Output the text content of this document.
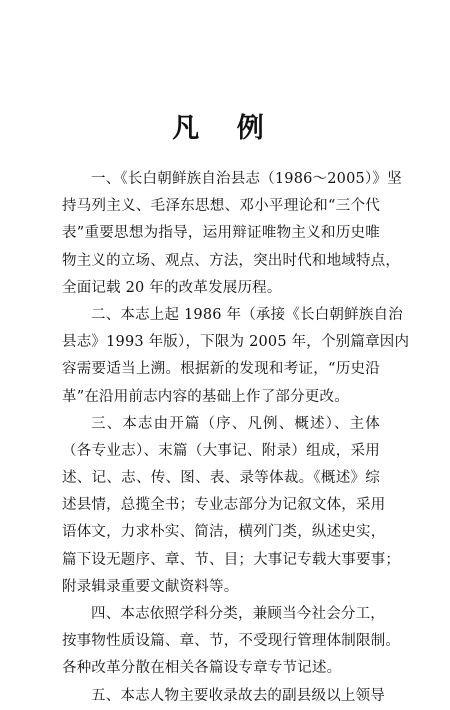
凡 例
一、《长白朝鲜族自治县志（1986～2005）》坚
持马列主义、毛泽东思想、邓小平理论和“三个代
表”重要思想为指导，运用辩证唯物主义和历史唯
物主义的立场、观点、方法，突出时代和地域特点，
全面记载 20 年的改革发展历程。
二、本志上起 1986 年（承接《长白朝鲜族自治
县志》1993 年版），下限为 2005 年，个别篇章因内
容需要适当上溯。根据新的发现和考证，“历史沿
革”在沿用前志内容的基础上作了部分更改。
三、本志由开篇（序、凡例、概述）、主体
（各专业志）、末篇（大事记、附录）组成，采用
述、记、志、传、图、表、录等体裁。《概述》综
述县情，总揽全书；专业志部分为记叙文体，采用
语体文，力求朴实、简洁，横列门类，纵述史实，
篇下设无题序、章、节、目；大事记专载大事要事；
附录辑录重要文献资料等。
四、本志依照学科分类，兼顾当今社会分工，
按事物性质设篇、章、节，不受现行管理体制限制。
各种改革分散在相关各篇设专章专节记述。
五、本志人物主要收录故去的副县级以上领导
